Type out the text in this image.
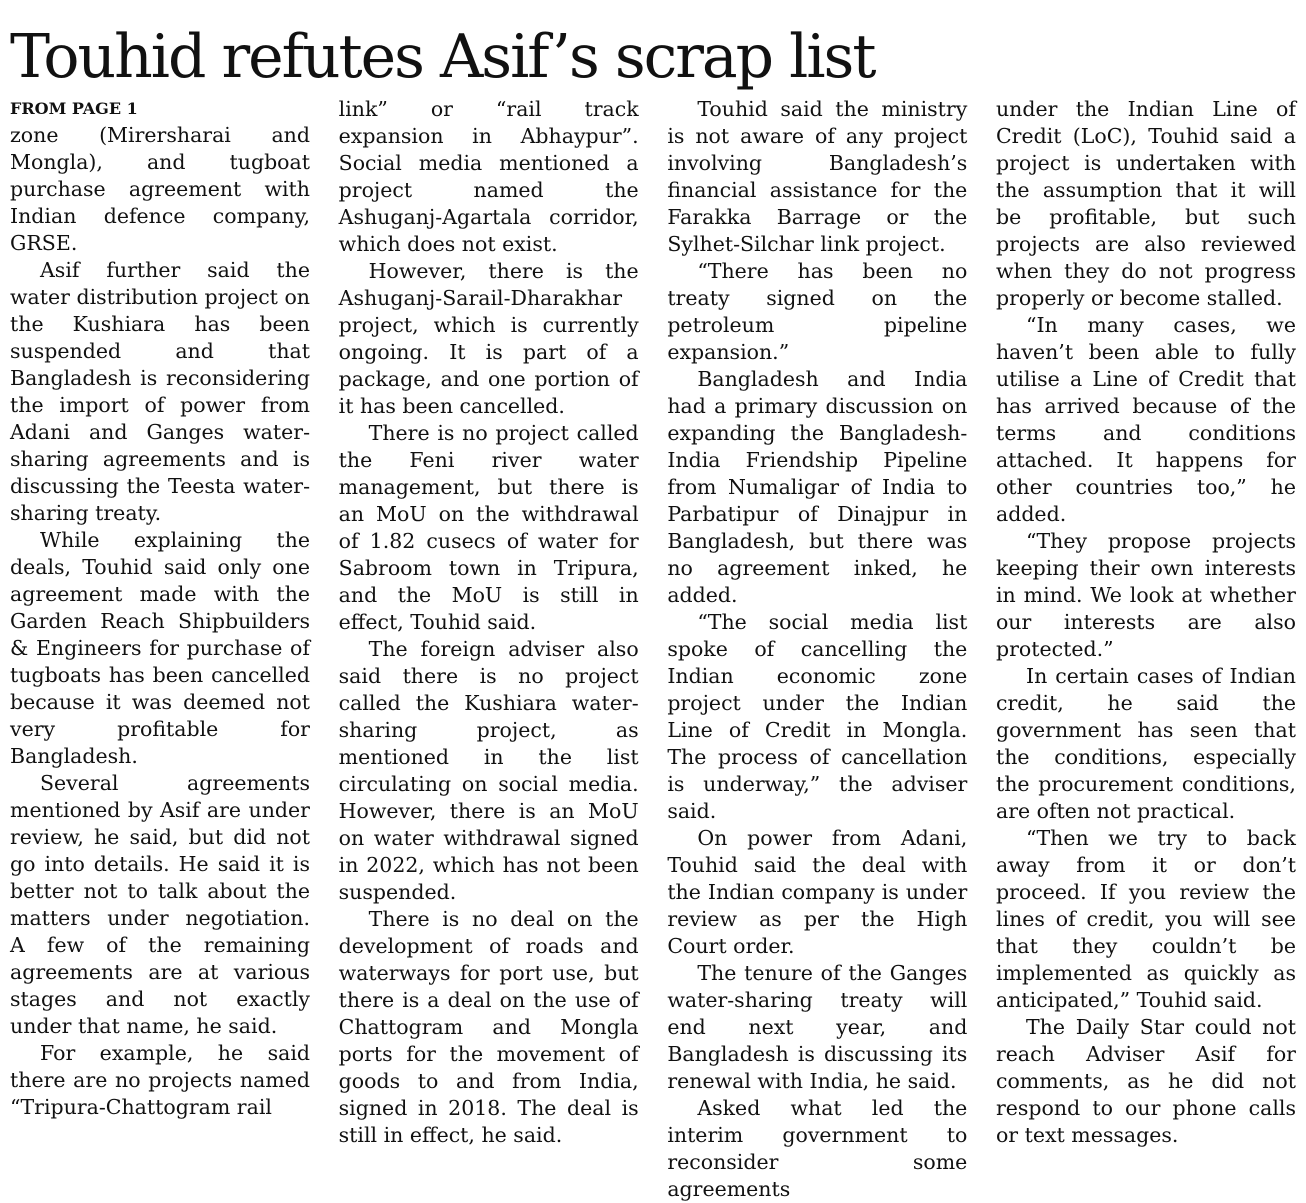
Touhid refutes Asif’s scrap list
FROM PAGE 1

zone (Mirersharai and Mongla), and tugboat purchase agreement with Indian defence company, GRSE.

Asif further said the water distribution project on the Kushiara has been suspended and that Bangladesh is reconsidering the import of power from Adani and Ganges water-sharing agreements and is discussing the Teesta water-sharing treaty.

While explaining the deals, Touhid said only one agreement made with the Garden Reach Shipbuilders & Engineers for purchase of tugboats has been cancelled because it was deemed not very profitable for Bangladesh.

Several agreements mentioned by Asif are under review, he said, but did not go into details. He said it is better not to talk about the matters under negotiation. A few of the remaining agreements are at various stages and not exactly under that name, he said.

For example, he said there are no projects named “Tripura-Chattogram rail

link” or “rail track expansion in Abhaypur”. Social media mentioned a project named the Ashuganj-Agartala corridor, which does not exist.

However, there is the Ashuganj-Sarail-Dharakhar project, which is currently ongoing. It is part of a package, and one portion of it has been cancelled.

There is no project called the Feni river water management, but there is an MoU on the withdrawal of 1.82 cusecs of water for Sabroom town in Tripura, and the MoU is still in effect, Touhid said.

The foreign adviser also said there is no project called the Kushiara water-sharing project, as mentioned in the list circulating on social media. However, there is an MoU on water withdrawal signed in 2022, which has not been suspended.

There is no deal on the development of roads and waterways for port use, but there is a deal on the use of Chattogram and Mongla ports for the movement of goods to and from India, signed in 2018. The deal is still in effect, he said.

Touhid said the ministry is not aware of any project involving Bangladesh’s financial assistance for the Farakka Barrage or the Sylhet-Silchar link project.

“There has been no treaty signed on the petroleum pipeline expansion.”

Bangladesh and India had a primary discussion on expanding the Bangladesh-India Friendship Pipeline from Numaligar of India to Parbatipur of Dinajpur in Bangladesh, but there was no agreement inked, he added.

“The social media list spoke of cancelling the Indian economic zone project under the Indian Line of Credit in Mongla. The process of cancellation is underway,” the adviser said.

On power from Adani, Touhid said the deal with the Indian company is under review as per the High Court order.

The tenure of the Ganges water-sharing treaty will end next year, and Bangladesh is discussing its renewal with India, he said.

Asked what led the interim government to reconsider some agreements

under the Indian Line of Credit (LoC), Touhid said a project is undertaken with the assumption that it will be profitable, but such projects are also reviewed when they do not progress properly or become stalled.

“In many cases, we haven’t been able to fully utilise a Line of Credit that has arrived because of the terms and conditions attached. It happens for other countries too,” he added.

“They propose projects keeping their own interests in mind. We look at whether our interests are also protected.”

In certain cases of Indian credit, he said the government has seen that the conditions, especially the procurement conditions, are often not practical.

“Then we try to back away from it or don’t proceed. If you review the lines of credit, you will see that they couldn’t be implemented as quickly as anticipated,” Touhid said.

The Daily Star could not reach Adviser Asif for comments, as he did not respond to our phone calls or text messages.
